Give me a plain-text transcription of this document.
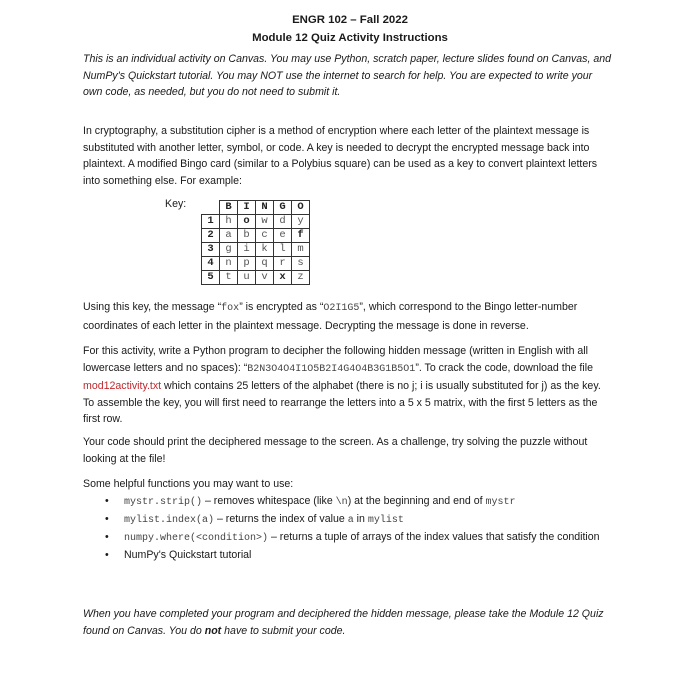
ENGR 102 – Fall 2022
Module 12 Quiz Activity Instructions

This is an individual activity on Canvas. You may use Python, scratch paper, lecture slides found on Canvas, and NumPy's Quickstart tutorial. You may NOT use the internet to search for help. You are expected to write your own code, as needed, but you do not need to submit it.

In cryptography, a substitution cipher is a method of encryption where each letter of the plaintext message is substituted with another letter, symbol, or code. A key is needed to decrypt the encrypted message back into plaintext. A modified Bingo card (similar to a Polybius square) can be used as a key to convert plaintext letters into something else. For example:

Key:
		B	I	N	G	O
1	h	o	w	d	y
2	a	b	c	e	f
3	g	i	k	l	m
4	n	p	q	r	s
5	t	u	v	x	z

Using this key, the message “fox” is encrypted as “O2I1G5”, which correspond to the Bingo letter-number coordinates of each letter in the plaintext message. Decrypting the message is done in reverse.

For this activity, write a Python program to decipher the following hidden message (written in English with all lowercase letters and no spaces): “B2N3O4O4I1O5B2I4G4O4B3G1B5O1”. To crack the code, download the file mod12activity.txt which contains 25 letters of the alphabet (there is no j; i is usually substituted for j) as the key. To assemble the key, you will first need to rearrange the letters into a 5 x 5 matrix, with the first 5 letters as the first row.

Your code should print the deciphered message to the screen. As a challenge, try solving the puzzle without looking at the file!

Some helpful functions you may want to use:

• mystr.strip() – removes whitespace (like \n) at the beginning and end of mystr
• mylist.index(a) – returns the index of value a in mylist
• numpy.where(<condition>) – returns a tuple of arrays of the index values that satisfy the condition
• NumPy's Quickstart tutorial

When you have completed your program and deciphered the hidden message, please take the Module 12 Quiz found on Canvas. You do not have to submit your code.
